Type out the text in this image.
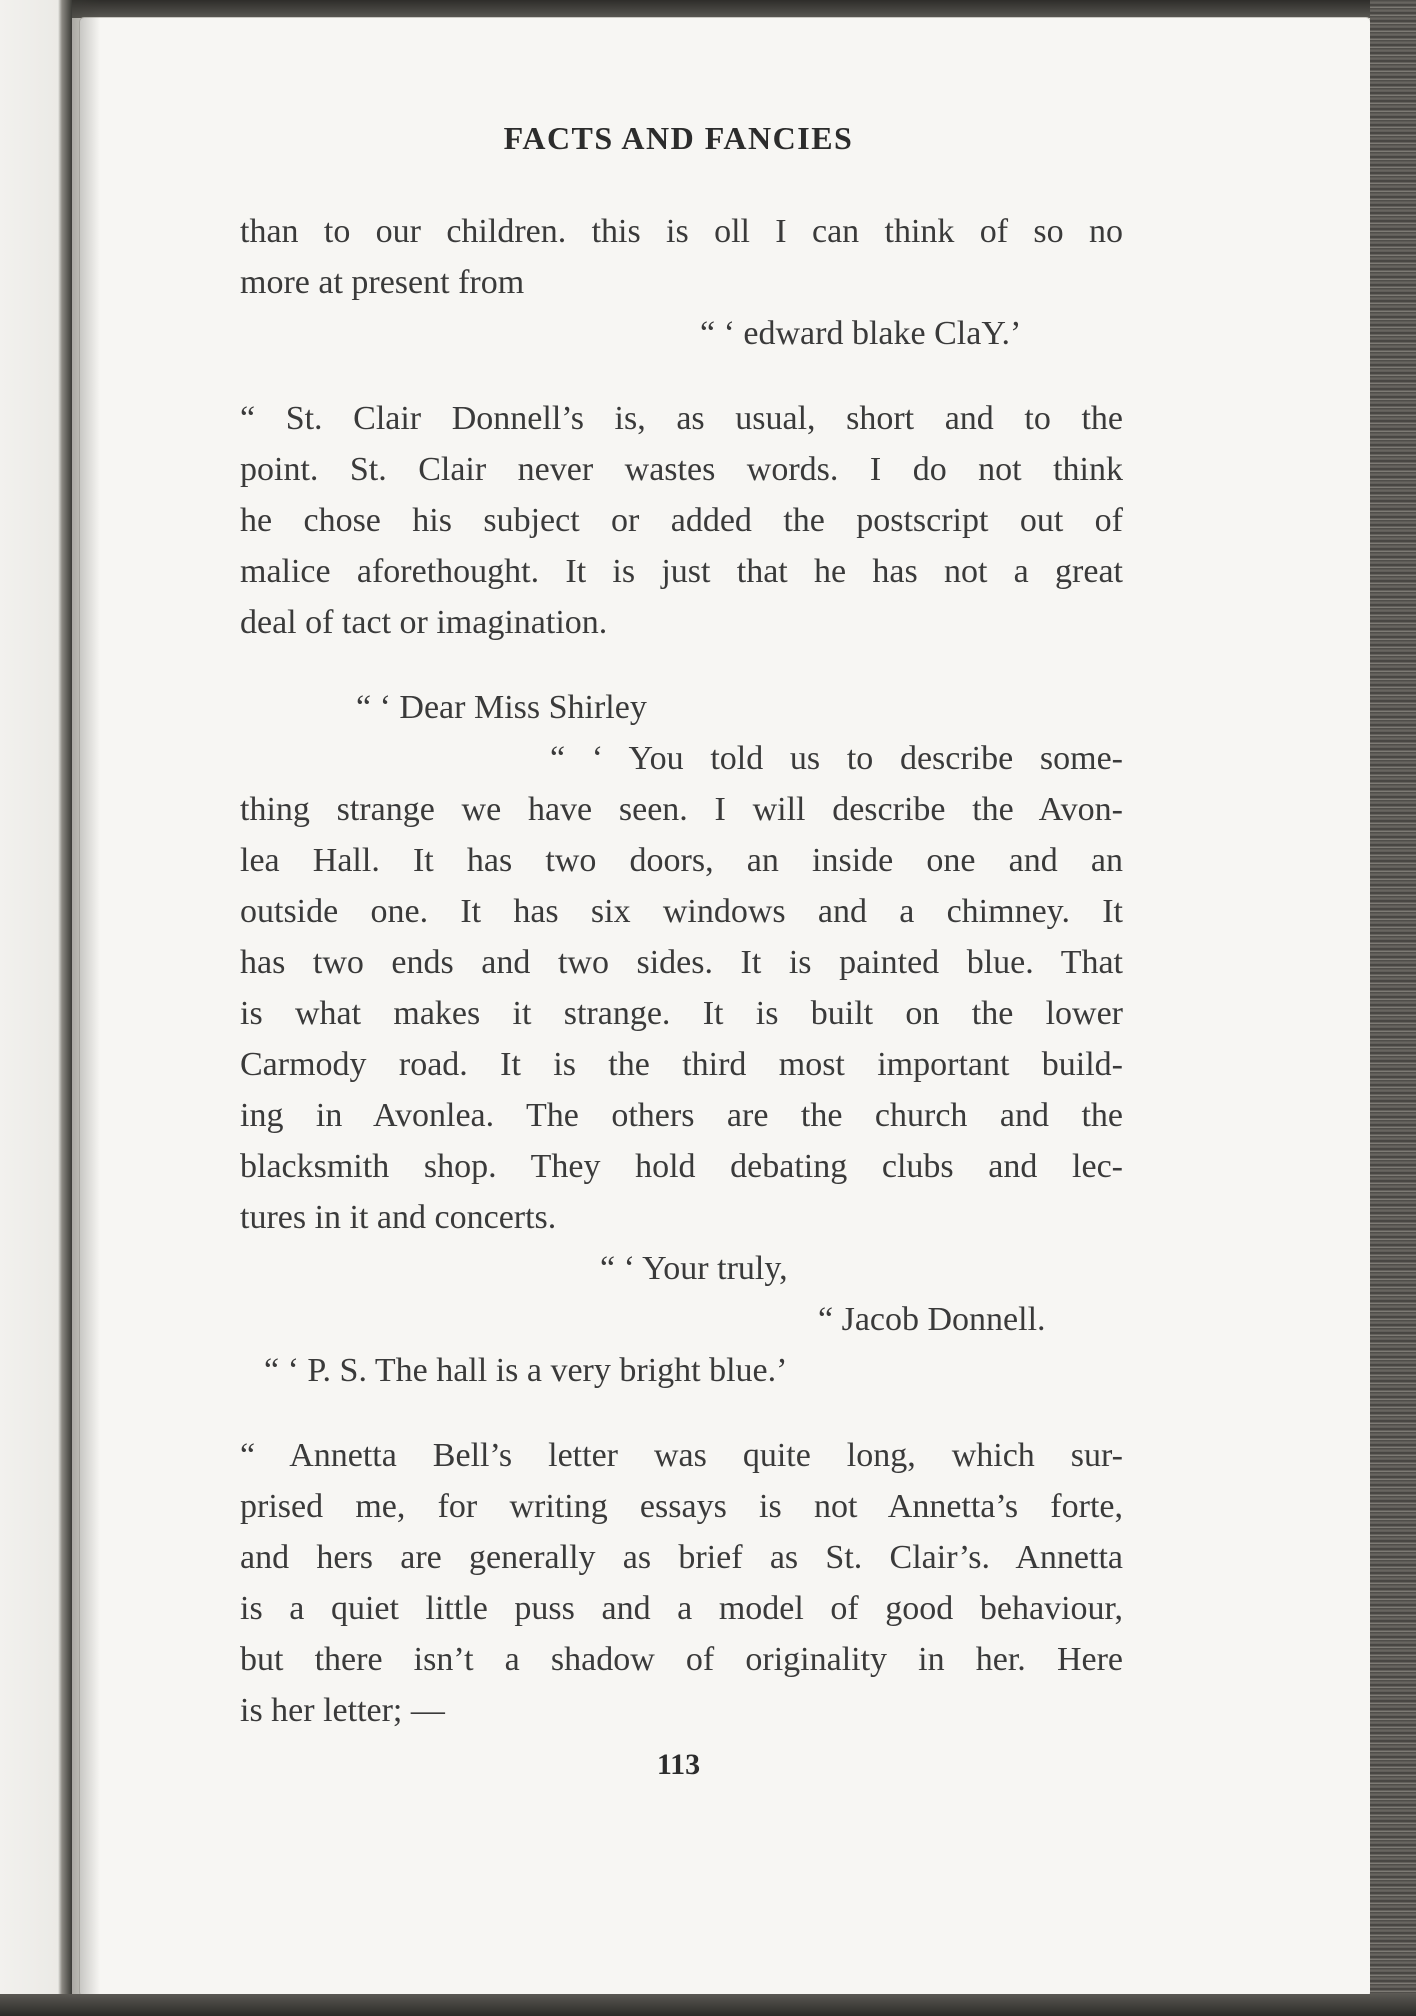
FACTS AND FANCIES
than to our children. this is oll I can think of so no
more at present from
“ ‘ edward blake ClaY.’
“ St. Clair Donnell’s is, as usual, short and to the
point. St. Clair never wastes words. I do not think
he chose his subject or added the postscript out of
malice aforethought. It is just that he has not a great
deal of tact or imagination.
“ ‘ Dear Miss Shirley
“ ‘ You told us to describe some-
thing strange we have seen. I will describe the Avon-
lea Hall. It has two doors, an inside one and an
outside one. It has six windows and a chimney. It
has two ends and two sides. It is painted blue. That
is what makes it strange. It is built on the lower
Carmody road. It is the third most important build-
ing in Avonlea. The others are the church and the
blacksmith shop. They hold debating clubs and lec-
tures in it and concerts.
“ ‘ Your truly,
“ Jacob Donnell.
“ ‘ P. S. The hall is a very bright blue.’
“ Annetta Bell’s letter was quite long, which sur-
prised me, for writing essays is not Annetta’s forte,
and hers are generally as brief as St. Clair’s. Annetta
is a quiet little puss and a model of good behaviour,
but there isn’t a shadow of originality in her. Here
is her letter; —
113
